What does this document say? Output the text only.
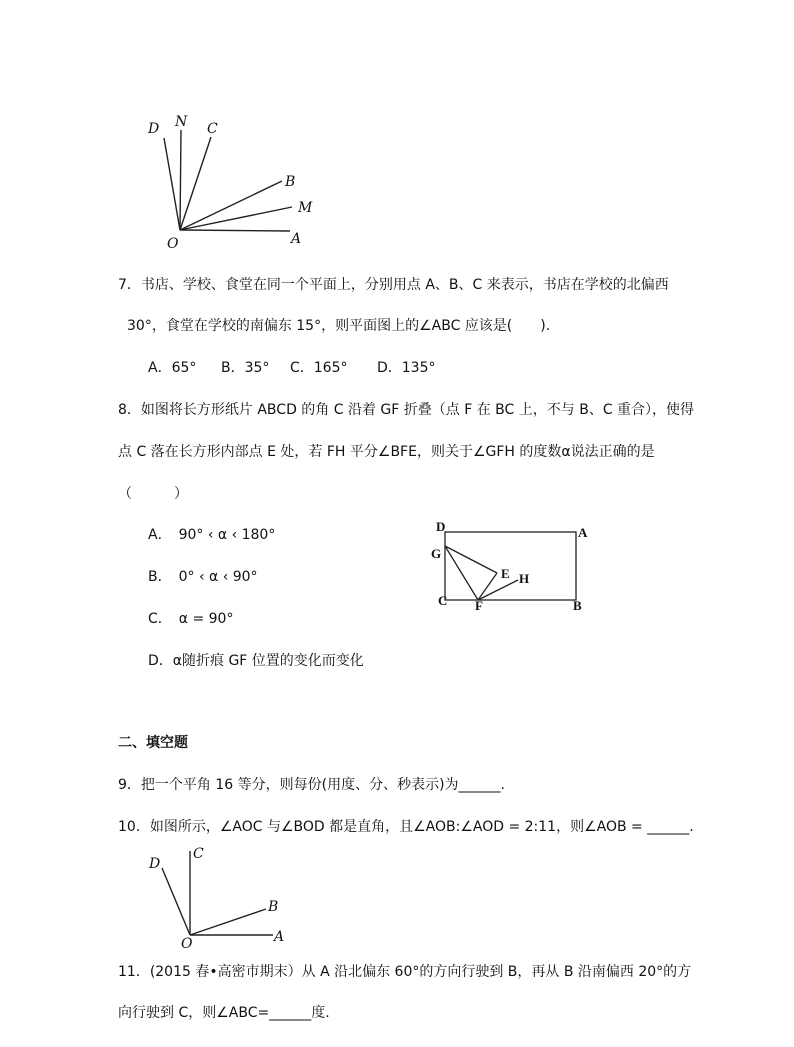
D N C
B
M
O	A
7．书店、学校、食堂在同一个平面上，分别用点 A、B、C 来表示，书店在学校的北偏西
30°，食堂在学校的南偏东 15°，则平面图上的∠ABC 应该是(　　).
A．65° B．35° C．165° D．135°
8．如图将长方形纸片 ABCD 的角 C 沿着 GF 折叠（点 F 在 BC 上，不与 B、C 重合），使得
点 C 落在长方形内部点 E 处，若 FH 平分∠BFE，则关于∠GFH 的度数α说法正确的是
（　　　）
A．　90° ‹ α ‹ 180°
B．　0° ‹ α ‹ 90°
C．　α = 90°
D．α随折痕 GF 位置的变化而变化
D	A
G
E H
C F	B
二、填空题
9．把一个平角 16 等分，则每份(用度、分、秒表示)为______.
10．如图所示，∠AOC 与∠BOD 都是直角，且∠AOB:∠AOD = 2:11，则∠AOB = ______.
D
C
B
O	A
11．(2015 春•高密市期末）从 A 沿北偏东 60°的方向行驶到 B，再从 B 沿南偏西 20°的方
向行驶到 C，则∠ABC=______度.
